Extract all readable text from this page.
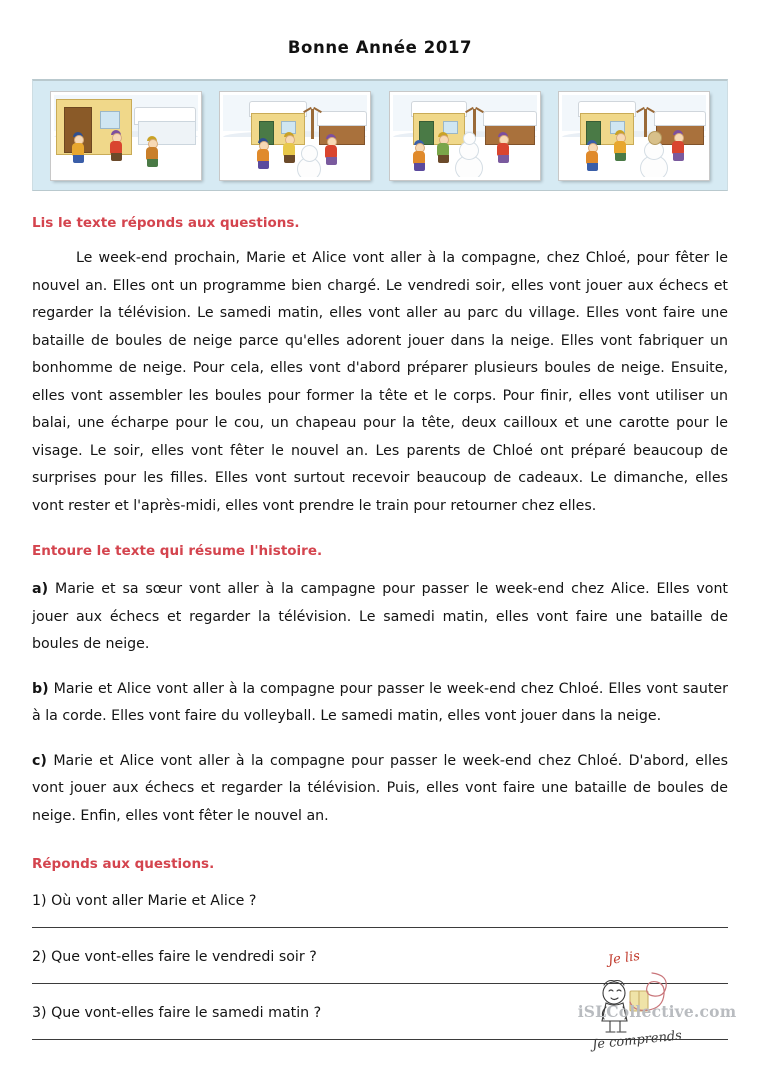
Bonne Année 2017

Lis le texte réponds aux questions.

Le week-end prochain, Marie et Alice vont aller à la compagne, chez Chloé, pour fêter le nouvel an. Elles ont un programme bien chargé. Le vendredi soir, elles vont jouer aux échecs et regarder la télévision. Le samedi matin, elles vont aller au parc du village. Elles vont faire une bataille de boules de neige parce qu'elles adorent jouer dans la neige. Elles vont fabriquer un bonhomme de neige. Pour cela, elles vont d'abord préparer plusieurs boules de neige. Ensuite, elles vont assembler les boules pour former la tête et le corps. Pour finir, elles vont utiliser un balai, une écharpe pour le cou, un chapeau pour la tête, deux cailloux et une carotte pour le visage. Le soir, elles vont fêter le nouvel an. Les parents de Chloé ont préparé beaucoup de surprises pour les filles. Elles vont surtout recevoir beaucoup de cadeaux. Le dimanche, elles vont rester et l'après-midi, elles vont prendre le train pour retourner chez elles.

Entoure le texte qui résume l'histoire.

a) Marie et sa sœur vont aller à la campagne pour passer le week-end chez Alice. Elles vont jouer aux échecs et regarder la télévision. Le samedi matin, elles vont faire une bataille de boules de neige.

b) Marie et Alice vont aller à la compagne pour passer le week-end chez Chloé. Elles vont sauter à la corde. Elles vont faire du volleyball. Le samedi matin, elles vont jouer dans la neige.

c) Marie et Alice vont aller à la compagne pour passer le week-end chez Chloé. D'abord, elles vont jouer aux échecs et regarder la télévision. Puis, elles vont faire une bataille de boules de neige. Enfin, elles vont fêter le nouvel an.

Réponds aux questions.

1) Où vont aller Marie et Alice ?

2) Que vont-elles faire le vendredi soir ?

3) Que vont-elles faire le samedi matin ?

Je lis
Je comprends
iSLCollective.com
